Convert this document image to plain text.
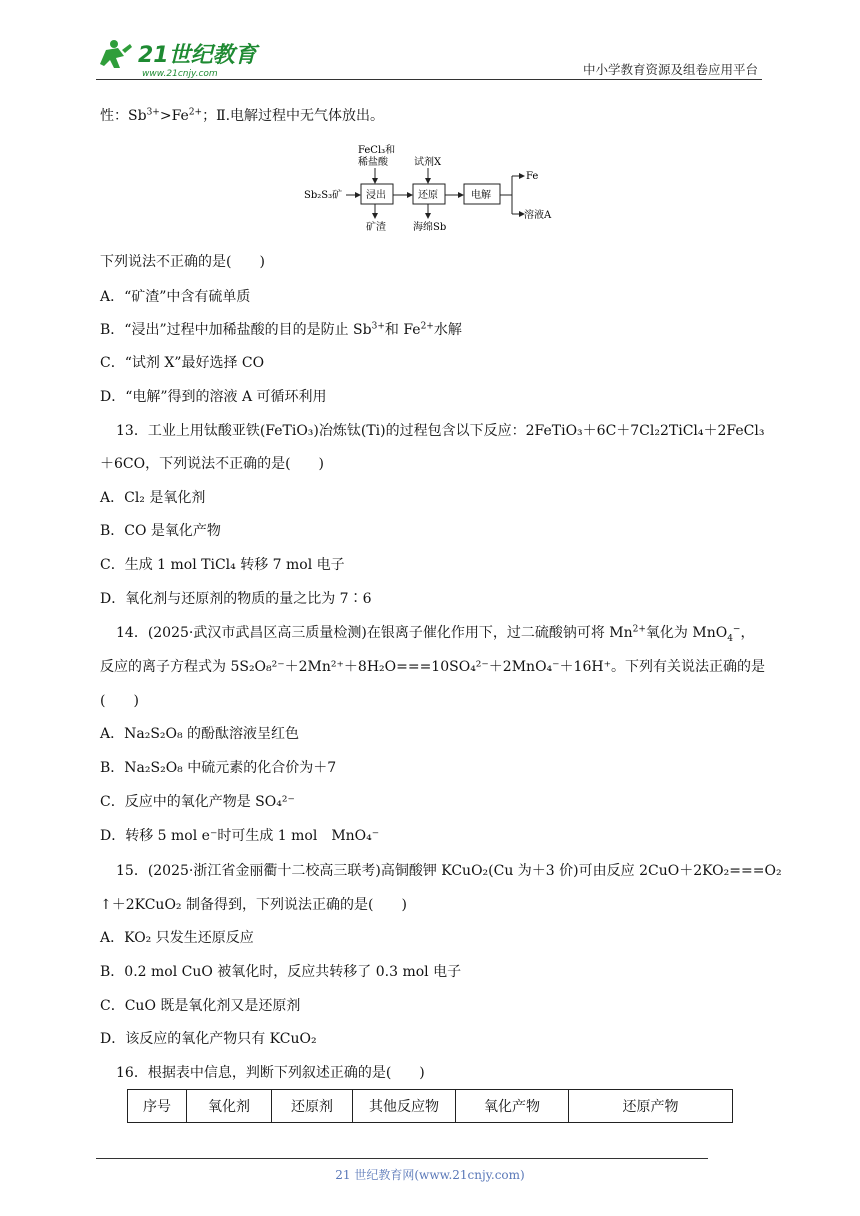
21世纪教育
www.21cnjy.com	中小学教育资源及组卷应用平台
性：$Sb^{3+}>Fe^{2+}$；Ⅱ.电解过程中无气体放出。
FeCl₃和
稀盐酸	试剂X
Sb₂S₃矿 浸出	还原	电解
矿渣	海绵Sb
Fe
溶液A
下列说法不正确的是(　　)
A．“矿渣”中含有硫单质
B．“浸出”过程中加稀盐酸的目的是防止 $Sb^{3+}$和 $Fe^{2+}$水解
C．“试剂 X”最好选择 CO
D．“电解”得到的溶液 A 可循环利用
13．工业上用钛酸亚铁(FeTiO₃)冶炼钛(Ti)的过程包含以下反应：2FeTiO₃＋6C＋7Cl₂2TiCl₄＋2FeCl₃
＋6CO，下列说法不正确的是(　　)
A．Cl₂ 是氧化剂
B．CO 是氧化产物
C．生成 1 mol TiCl₄ 转移 7 mol 电子
D．氧化剂与还原剂的物质的量之比为 7∶6
14．(2025·武汉市武昌区高三质量检测)在银离子催化作用下，过二硫酸钠可将 $Mn^{2+}$氧化为 MnO$_4$−，
反应的离子方程式为 5S₂O₈²⁻＋2Mn²⁺＋8H₂O===10SO₄²⁻＋2MnO₄⁻＋16H⁺。下列有关说法正确的是
(　　)
A．Na₂S₂O₈ 的酚酞溶液呈红色
B．Na₂S₂O₈ 中硫元素的化合价为＋7
C．反应中的氧化产物是 SO₄²⁻
D．转移 5 mol e⁻时可生成 1 mol　MnO₄⁻
15．(2025·浙江省金丽衢十二校高三联考)高铜酸钾 KCuO₂(Cu 为＋3 价)可由反应 2CuO＋2KO₂===O₂
↑＋2KCuO₂ 制备得到，下列说法正确的是(　　)
A．KO₂ 只发生还原反应
B．0.2 mol CuO 被氧化时，反应共转移了 0.3 mol 电子
C．CuO 既是氧化剂又是还原剂
D．该反应的氧化产物只有 KCuO₂
16．根据表中信息，判断下列叙述正确的是(　　)
序号	氧化剂	还原剂	其他反应物	氧化产物	还原产物
21 世纪教育网(www.21cnjy.com)
